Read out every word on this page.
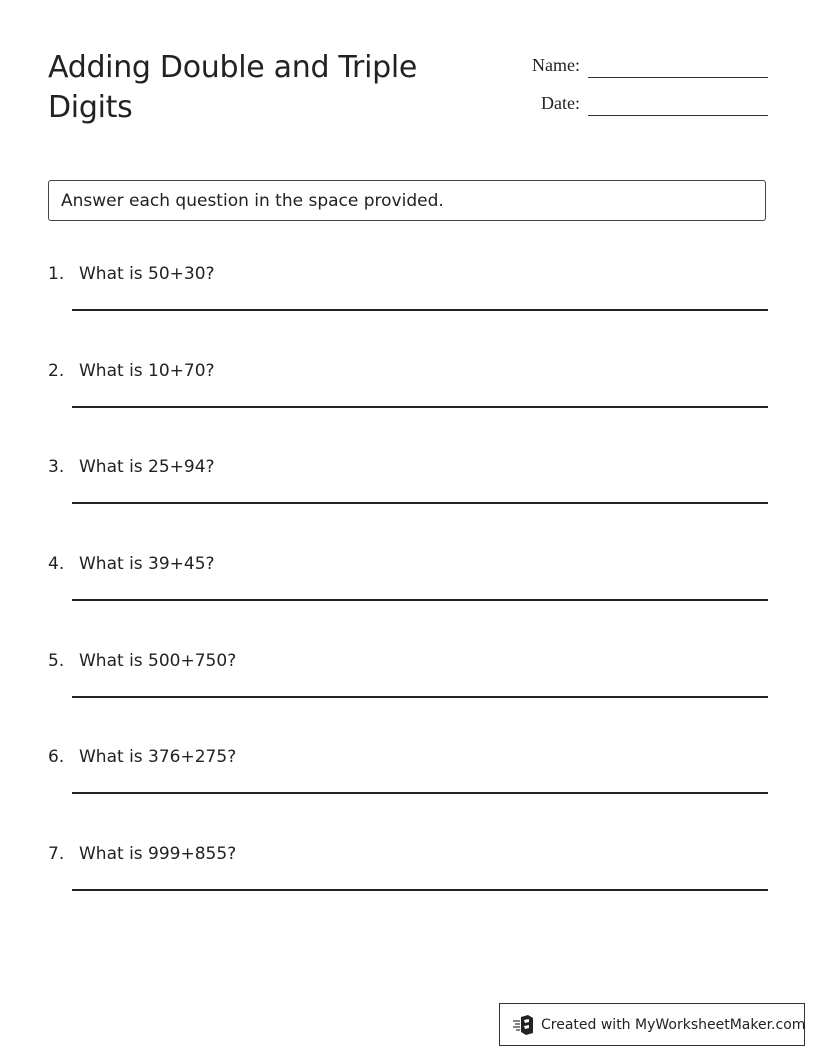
Adding Double and Triple Digits
Name:
Date:
Answer each question in the space provided.
1. What is 50+30?
2. What is 10+70?
3. What is 25+94?
4. What is 39+45?
5. What is 500+750?
6. What is 376+275?
7. What is 999+855?
Created with MyWorksheetMaker.com
